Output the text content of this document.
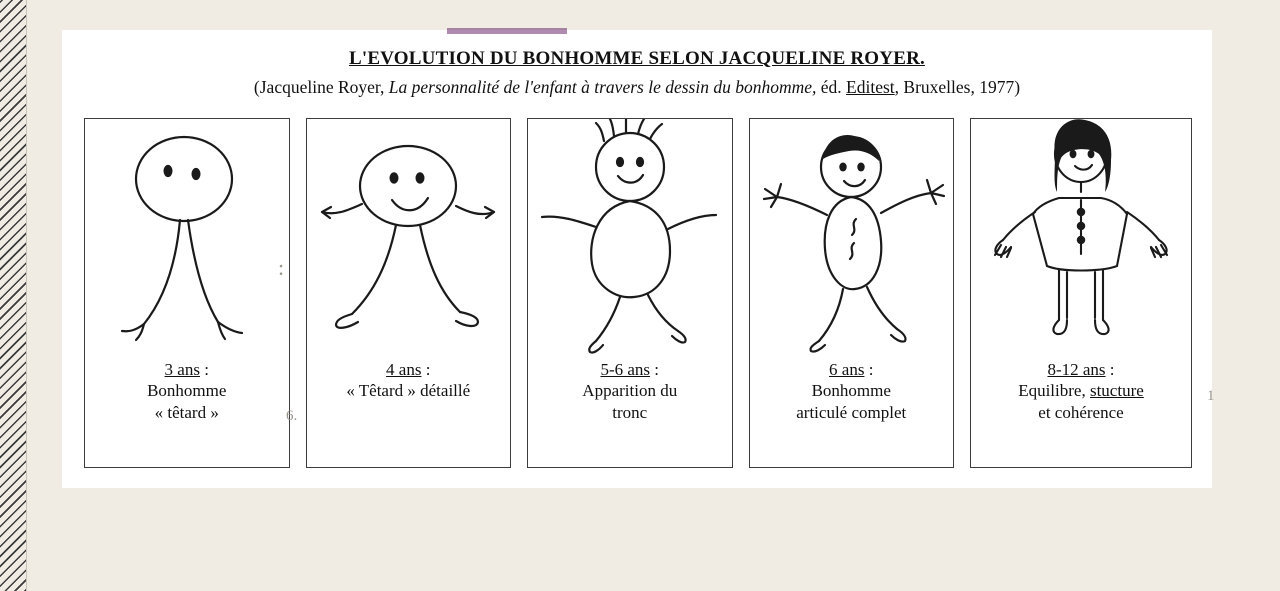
L'EVOLUTION DU BONHOMME SELON JACQUELINE ROYER.
(Jacqueline Royer, La personnalité de l'enfant à travers le dessin du bonhomme, éd. Editest, Bruxelles, 1977)
3 ans :
Bonhomme
« têtard »
4 ans :
« Têtard » détaillé
5-6 ans :
Apparition du
tronc
6 ans :
Bonhomme
articulé complet
8-12 ans :
Equilibre, stucture
et cohérence
:
6.
1
